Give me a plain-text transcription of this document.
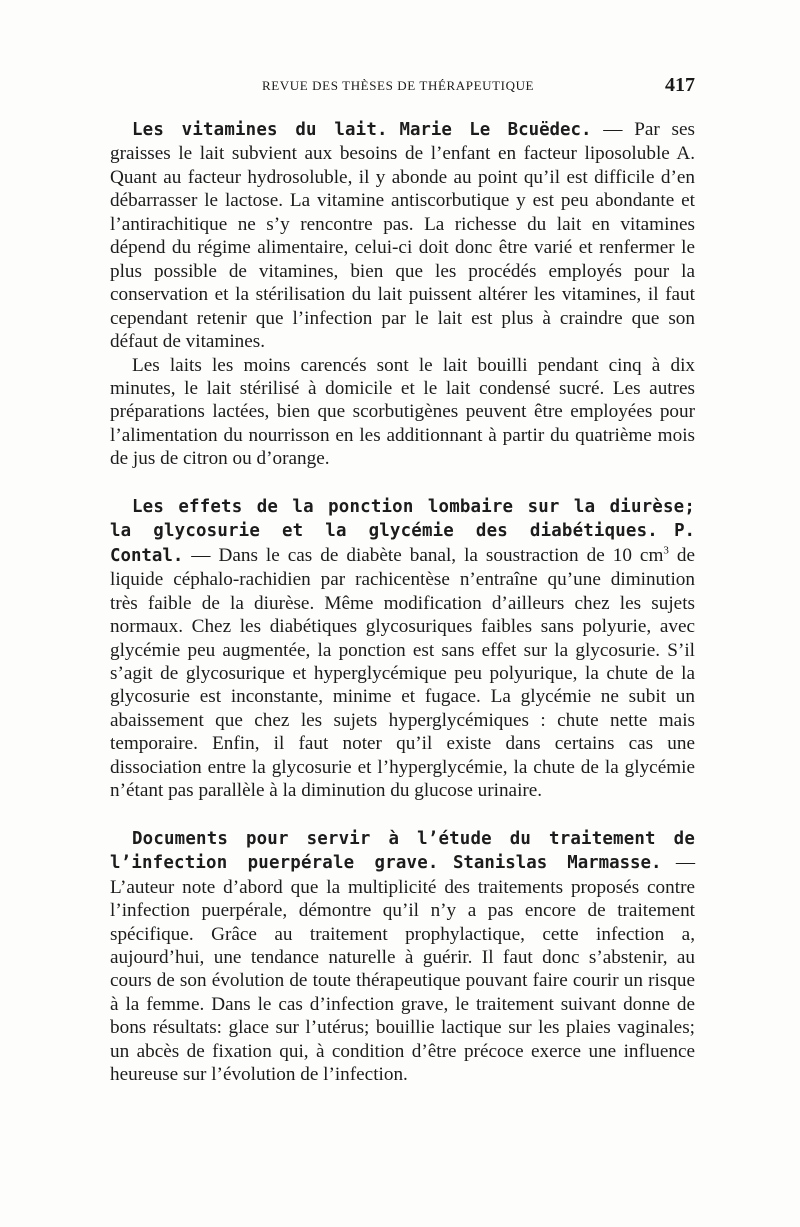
REVUE DES THÈSES DE THÉRAPEUTIQUE	417

Les vitamines du lait. Marie Le Bcuëdec. — Par ses graisses le lait subvient aux besoins de l’enfant en facteur liposoluble A. Quant au facteur hydrosoluble, il y abonde au point qu’il est difficile d’en débarrasser le lactose. La vitamine antiscorbutique y est peu abondante et l’antirachitique ne s’y rencontre pas. La richesse du lait en vitamines dépend du régime alimentaire, celui-ci doit donc être varié et renfermer le plus possible de vitamines, bien que les procédés employés pour la conservation et la stérilisation du lait puissent altérer les vitamines, il faut cependant retenir que l’infection par le lait est plus à craindre que son défaut de vitamines.

Les laits les moins carencés sont le lait bouilli pendant cinq à dix minutes, le lait stérilisé à domicile et le lait condensé sucré. Les autres préparations lactées, bien que scorbutigènes peuvent être employées pour l’alimentation du nourrisson en les additionnant à partir du quatrième mois de jus de citron ou d’orange.

Les effets de la ponction lombaire sur la diurèse; la glycosurie et la glycémie des diabétiques. P. Contal. — Dans le cas de diabète banal, la soustraction de 10 $cm^3$ de liquide céphalo-rachidien par rachicentèse n’entraîne qu’une diminution très faible de la diurèse. Même modification d’ailleurs chez les sujets normaux. Chez les diabétiques glycosuriques faibles sans polyurie, avec glycémie peu augmentée, la ponction est sans effet sur la glycosurie. S’il s’agit de glycosurique et hyperglycémique peu polyurique, la chute de la glycosurie est inconstante, minime et fugace. La glycémie ne subit un abaissement que chez les sujets hyperglycémiques : chute nette mais temporaire. Enfin, il faut noter qu’il existe dans certains cas une dissociation entre la glycosurie et l’hyperglycémie, la chute de la glycémie n’étant pas parallèle à la diminution du glucose urinaire.

Documents pour servir à l’étude du traitement de l’infection puerpérale grave. Stanislas Marmasse. — L’auteur note d’abord que la multiplicité des traitements proposés contre l’infection puerpérale, démontre qu’il n’y a pas encore de traitement spécifique. Grâce au traitement prophylactique, cette infection a, aujourd’hui, une tendance naturelle à guérir. Il faut donc s’abstenir, au cours de son évolution de toute thérapeutique pouvant faire courir un risque à la femme. Dans le cas d’infection grave, le traitement suivant donne de bons résultats: glace sur l’utérus; bouillie lactique sur les plaies vaginales; un abcès de fixation qui, à condition d’être précoce exerce une influence heureuse sur l’évolution de l’infection.
